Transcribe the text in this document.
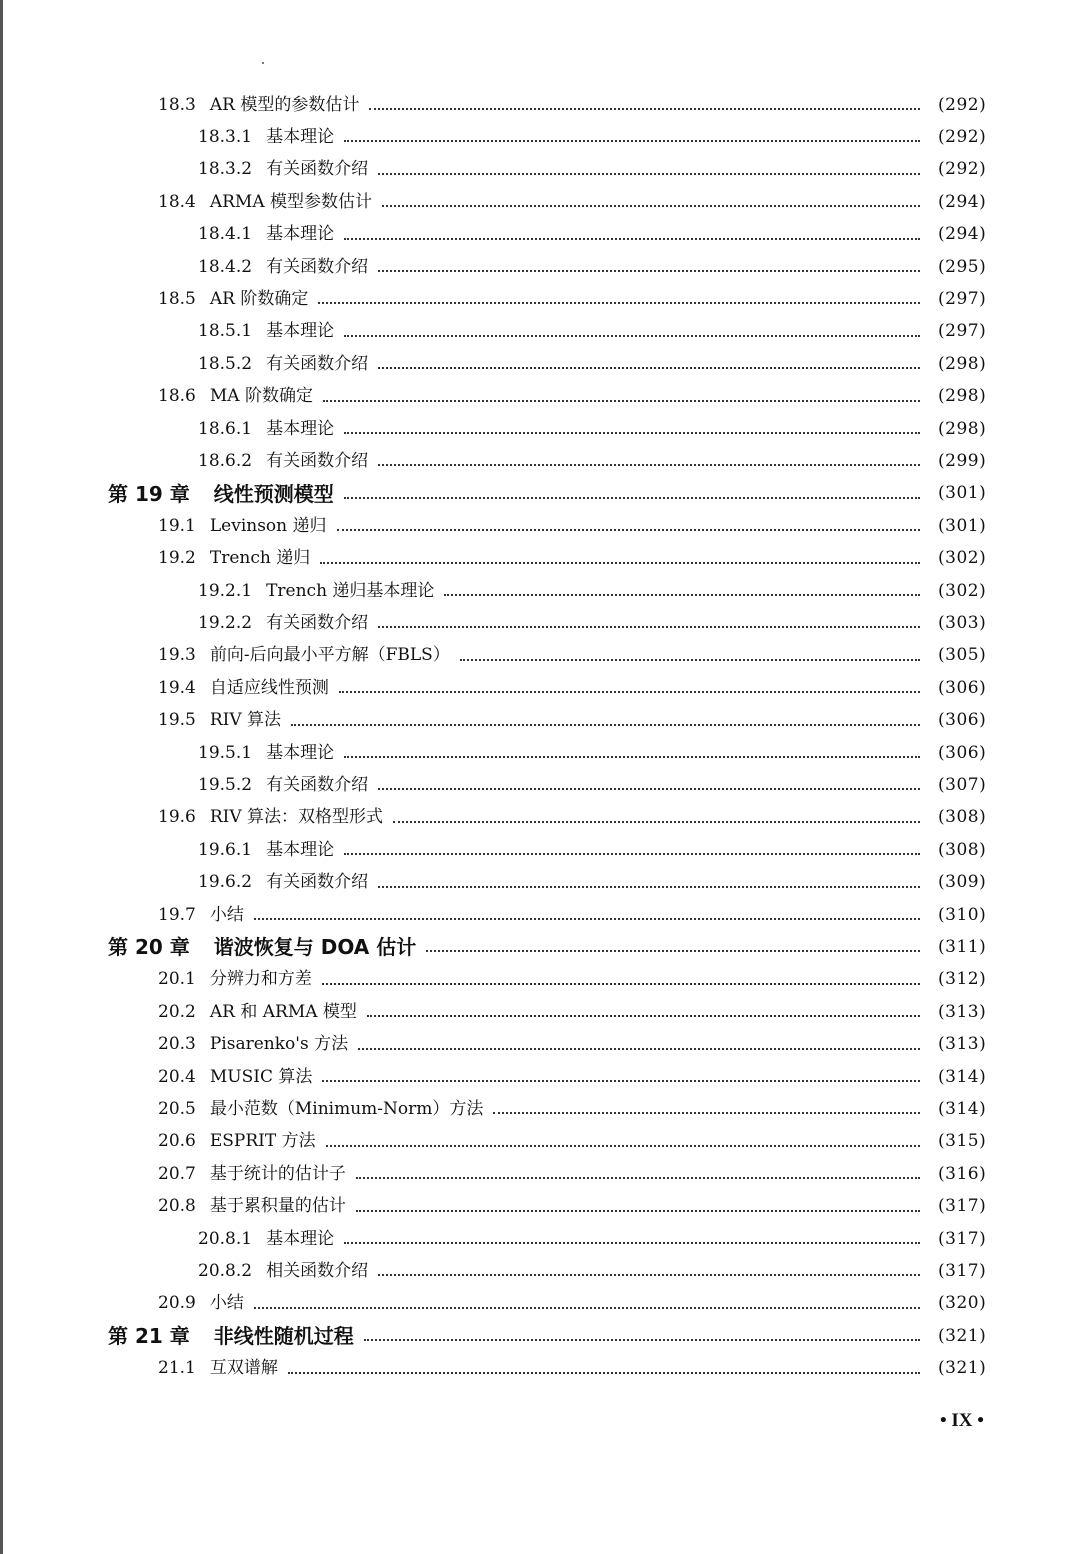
18.3 AR 模型的参数估计	(292)
18.3.1 基本理论	(292)
18.3.2 有关函数介绍	(292)
18.4 ARMA 模型参数估计	(294)
18.4.1 基本理论	(294)
18.4.2 有关函数介绍	(295)
18.5 AR 阶数确定	(297)
18.5.1 基本理论	(297)
18.5.2 有关函数介绍	(298)
18.6 MA 阶数确定	(298)
18.6.1 基本理论	(298)
18.6.2 有关函数介绍	(299)
第 19 章 线性预测模型	(301)
19.1 Levinson 递归	(301)
19.2 Trench 递归	(302)
19.2.1 Trench 递归基本理论	(302)
19.2.2 有关函数介绍	(303)
19.3 前向-后向最小平方解（FBLS）	(305)
19.4 自适应线性预测	(306)
19.5 RIV 算法	(306)
19.5.1 基本理论	(306)
19.5.2 有关函数介绍	(307)
19.6 RIV 算法：双格型形式	(308)
19.6.1 基本理论	(308)
19.6.2 有关函数介绍	(309)
19.7 小结	(310)
第 20 章 谐波恢复与 DOA 估计	(311)
20.1 分辨力和方差	(312)
20.2 AR 和 ARMA 模型	(313)
20.3 Pisarenko's 方法	(313)
20.4 MUSIC 算法	(314)
20.5 最小范数（Minimum-Norm）方法	(314)
20.6 ESPRIT 方法	(315)
20.7 基于统计的估计子	(316)
20.8 基于累积量的估计	(317)
20.8.1 基本理论	(317)
20.8.2 相关函数介绍	(317)
20.9 小结	(320)
第 21 章 非线性随机过程	(321)
21.1 互双谱解	(321)
• IX •
